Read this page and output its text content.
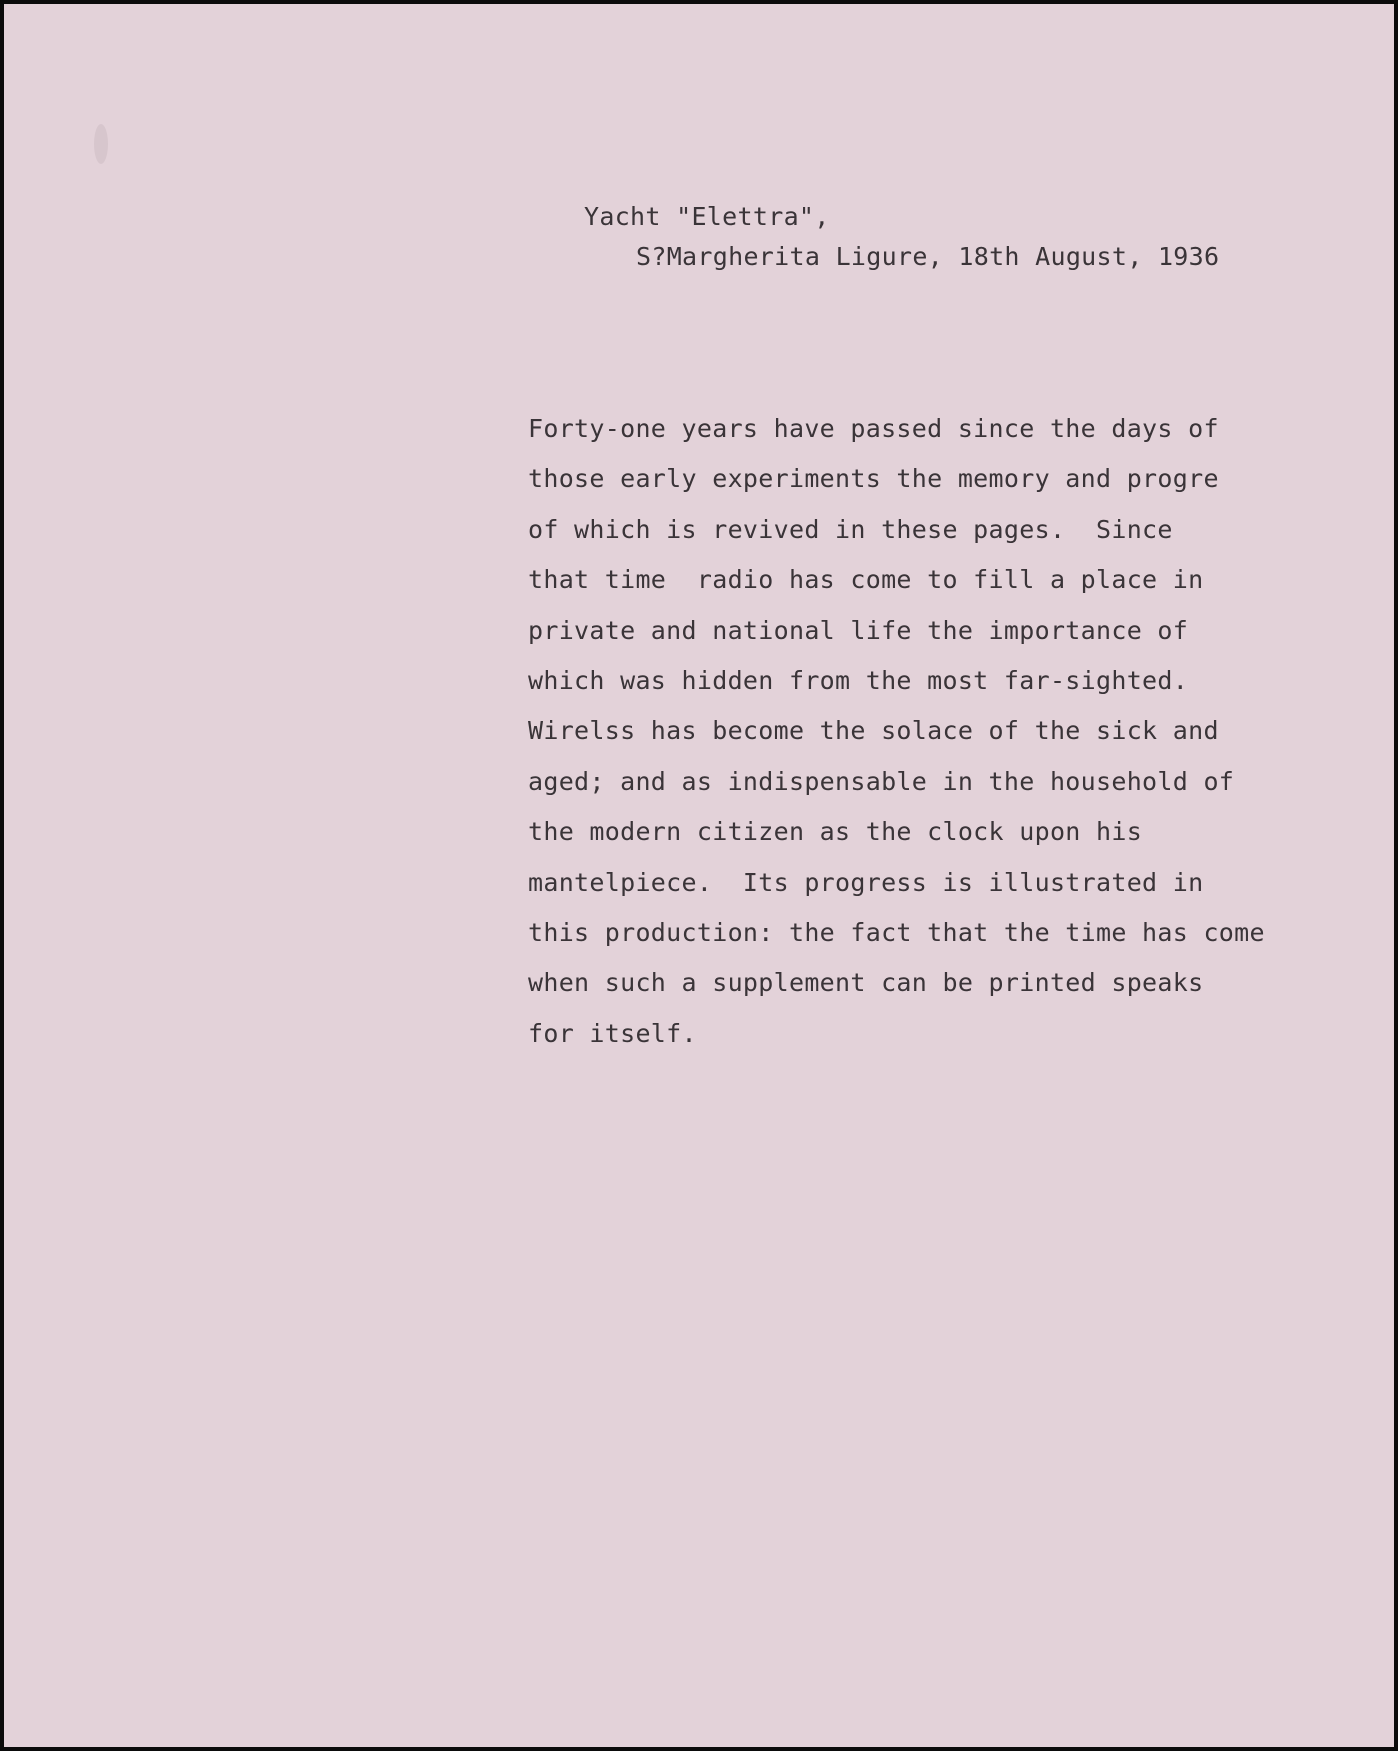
Yacht "Elettra",
S?Margherita Ligure, 18th August, 1936
Forty-one years have passed since the days of
those early experiments the memory and progre
of which is revived in these pages.  Since
that time  radio has come to fill a place in
private and national life the importance of
which was hidden from the most far-sighted.
Wirelss has become the solace of the sick and
aged; and as indispensable in the household of
the modern citizen as the clock upon his
mantelpiece.  Its progress is illustrated in
this production: the fact that the time has come
when such a supplement can be printed speaks
for itself.
